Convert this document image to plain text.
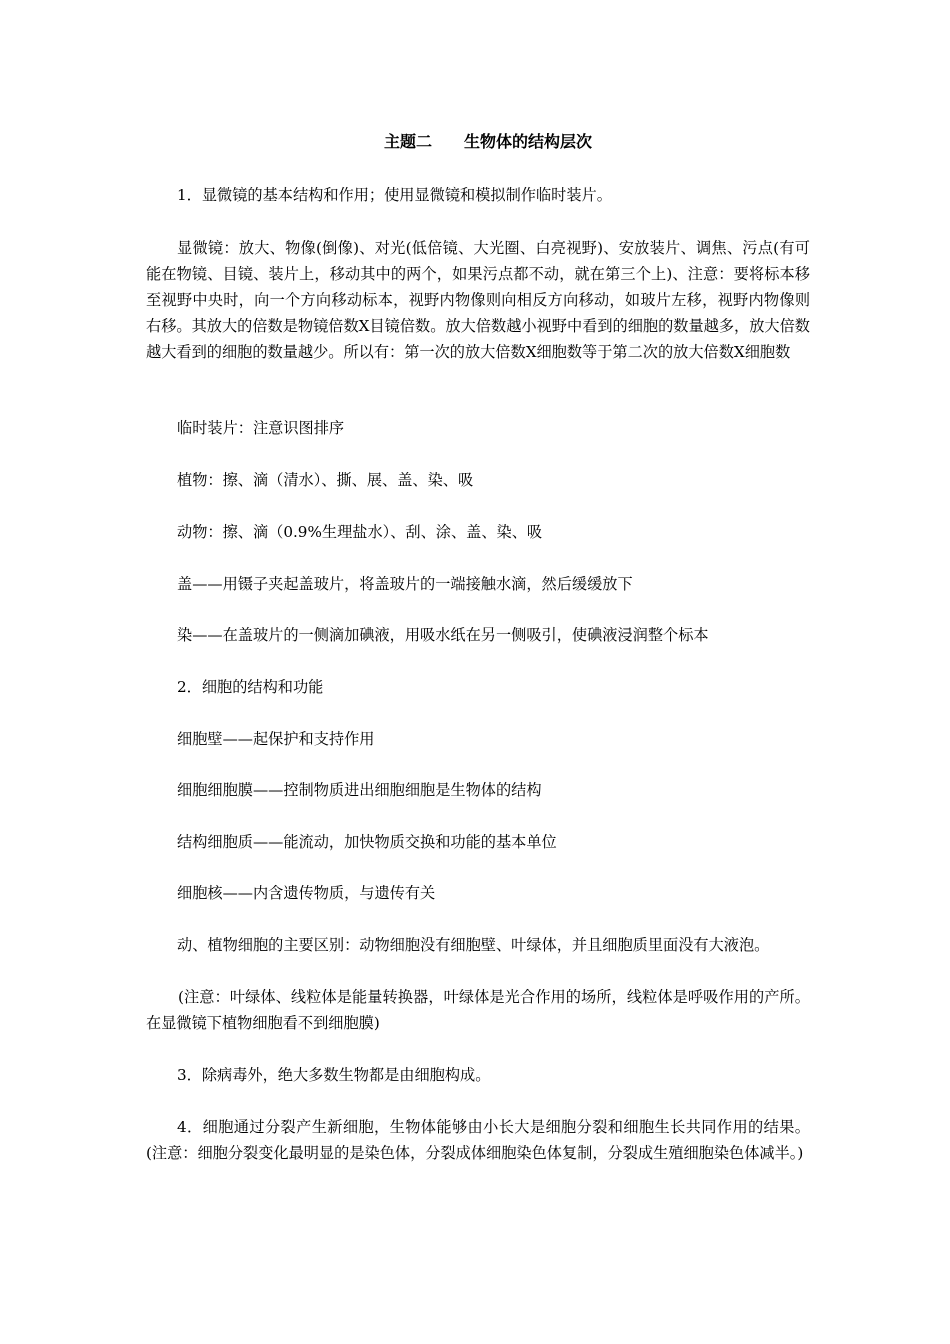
主题二　　生物体的结构层次

1．显微镜的基本结构和作用；使用显微镜和模拟制作临时装片。

显微镜：放大、物像(倒像)、对光(低倍镜、大光圈、白亮视野)、安放装片、调焦、污点(有可能在物镜、目镜、装片上，移动其中的两个，如果污点都不动，就在第三个上)、注意：要将标本移至视野中央时，向一个方向移动标本，视野内物像则向相反方向移动，如玻片左移，视野内物像则右移。其放大的倍数是物镜倍数X目镜倍数。放大倍数越小视野中看到的细胞的数量越多，放大倍数越大看到的细胞的数量越少。所以有：第一次的放大倍数X细胞数等于第二次的放大倍数X细胞数

临时装片：注意识图排序

植物：擦、滴（清水）、撕、展、盖、染、吸

动物：擦、滴（0.9%生理盐水）、刮、涂、盖、染、吸

盖——用镊子夹起盖玻片，将盖玻片的一端接触水滴，然后缓缓放下

染——在盖玻片的一侧滴加碘液，用吸水纸在另一侧吸引，使碘液浸润整个标本

2．细胞的结构和功能

细胞壁——起保护和支持作用

细胞细胞膜——控制物质进出细胞细胞是生物体的结构

结构细胞质——能流动，加快物质交换和功能的基本单位

细胞核——内含遗传物质，与遗传有关

动、植物细胞的主要区别：动物细胞没有细胞壁、叶绿体，并且细胞质里面没有大液泡。

(注意：叶绿体、线粒体是能量转换器，叶绿体是光合作用的场所，线粒体是呼吸作用的产所。在显微镜下植物细胞看不到细胞膜)

3．除病毒外，绝大多数生物都是由细胞构成。

4．细胞通过分裂产生新细胞，生物体能够由小长大是细胞分裂和细胞生长共同作用的结果。(注意：细胞分裂变化最明显的是染色体，分裂成体细胞染色体复制，分裂成生殖细胞染色体减半。)
